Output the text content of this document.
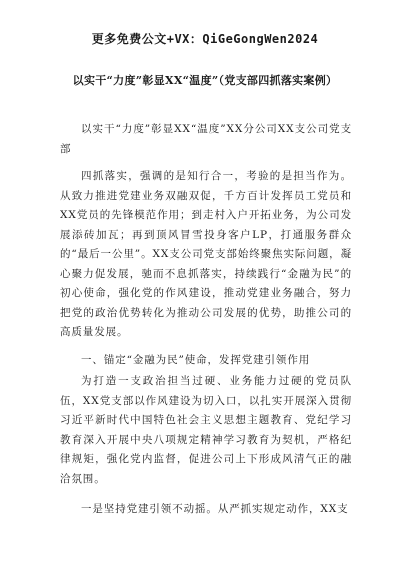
更多免费公文+VX：QiGeGongWen2024
以实干“力度”彰显XX“温度”（党支部四抓落实案例）

以实干“力度”彰显XX“温度”XX分公司XX支公司党支部

四抓落实，强调的是知行合一，考验的是担当作为。从致力推进党建业务双融双促，千方百计发挥员工党员和XX党员的先锋模范作用；到走村入户开拓业务，为公司发展添砖加瓦；再到顶风冒雪投身客户LP，打通服务群众的“最后一公里”。XX支公司党支部始终聚焦实际问题，凝心聚力促发展，驰而不息抓落实，持续践行“金融为民”的初心使命，强化党的作风建设，推动党建业务融合，努力把党的政治优势转化为推动公司发展的优势，助推公司的高质量发展。

一、锚定“金融为民”使命，发挥党建引领作用

为打造一支政治担当过硬、业务能力过硬的党员队伍，XX党支部以作风建设为切入口，以扎实开展深入贯彻习近平新时代中国特色社会主义思想主题教育、党纪学习教育深入开展中央八项规定精神学习教育为契机，严格纪律规矩，强化党内监督，促进公司上下形成风清气正的融洽氛围。

一是坚持党建引领不动摇。从严抓实规定动作，XX支
